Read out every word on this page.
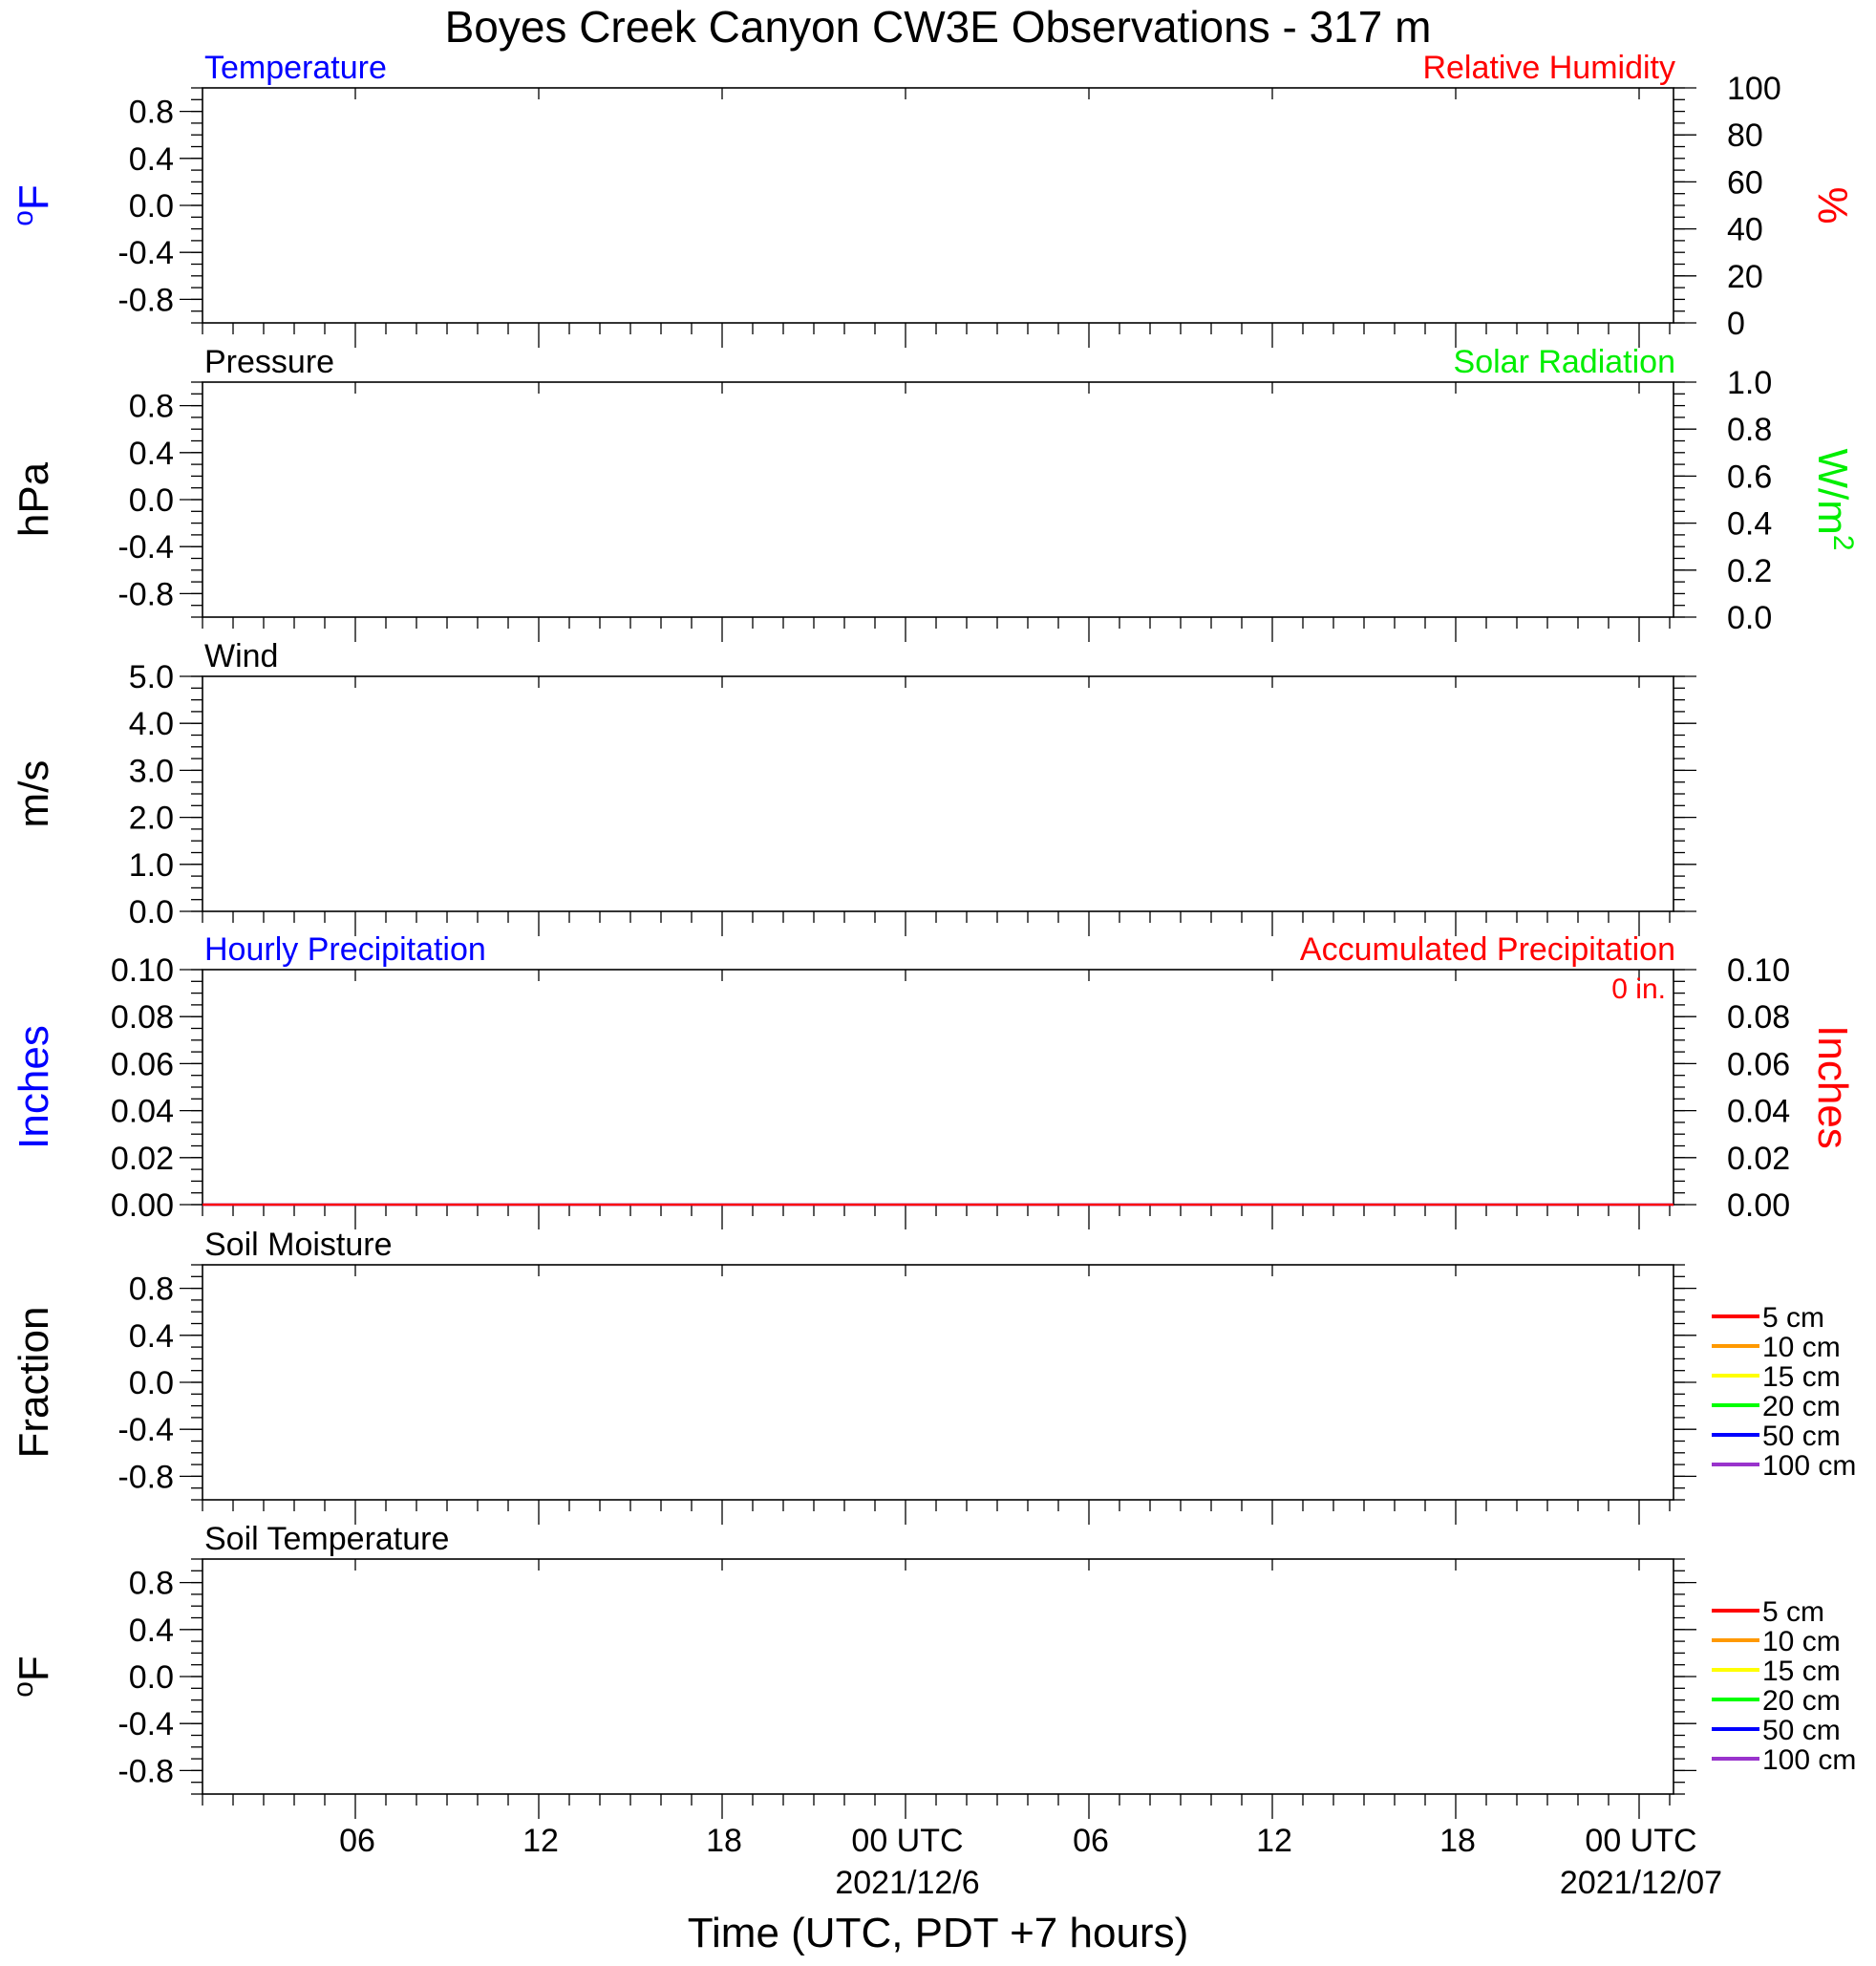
Boyes Creek Canyon CW3E Observations - 317 m
Temperature	Relative Humidity
0.8
0.4
0.0
-0.4
-0.8
100
80
60
40
20
0
$^o$F	%
Pressure	Solar Radiation
0.8
0.4
0.0
-0.4
-0.8
1.0
0.8
0.6
0.4
0.2
0.0
hPa	$W/m^2$
Wind
5.0
4.0
3.0
2.0
1.0
0.0
m/s
Hourly Precipitation	Accumulated Precipitation
0.10
0.08
0.06
0.04
0.02
0.00
0.10
0.08
0.06
0.04
0.02
0.00
Inches	Inches
0 in.
Soil Moisture
0.8
0.4
0.0
-0.4
-0.8
Fraction	5 cm
10 cm
15 cm
20 cm
50 cm
100 cm
Soil Temperature
0.8
0.4
0.0
-0.4
-0.8
$^o$F
5 cm
10 cm
15 cm
20 cm
50 cm
100 cm
06	12	18	00 UTC
2021/12/6
06	12	18	00 UTC
2021/12/07
Time (UTC, PDT +7 hours)
